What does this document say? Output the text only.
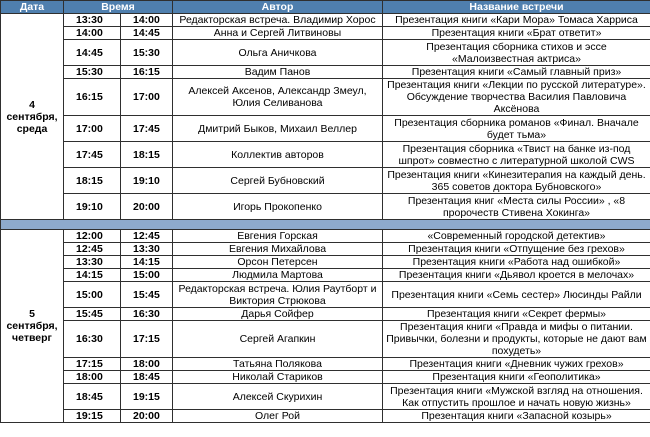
Дата	Время		Автор	Название встречи
4 сентября, среда	13:30	14:00	Редакторская встреча. Владимир Хорос	Презентация книги «Кари Мора» Томаса Харриса
	14:00	14:45	Анна и Сергей Литвиновы	Презентация книги «Брат ответит»
	14:45	15:30	Ольга Аничкова	Презентация сборника стихов и эссе «Малоизвестная актриса»
	15:30	16:15	Вадим Панов	Презентация книги «Самый главный приз»
	16:15	17:00	Алексей Аксенов, Александр Змеул, Юлия Селиванова	Презентация книги «Лекции по русской литературе». Обсуждение творчества Василия Павловича Аксёнова
	17:00	17:45	Дмитрий Быков, Михаил Веллер	Презентация сборника романов «Финал. Вначале будет тьма»
	17:45	18:15	Коллектив авторов	Презентация сборника «Твист на банке из-под шпрот» совместно с литературной школой CWS
	18:15	19:10	Сергей Бубновский	Презентация книги «Кинезитерапия на каждый день. 365 советов доктора Бубновского»
	19:10	20:00	Игорь Прокопенко	Презентация книг «Места силы России» , «8 пророчеств Стивена Хокинга»

5 сентября, четверг	12:00	12:45	Евгения Горская	«Современный городской детектив»
	12:45	13:30	Евгения Михайлова	Презентация книги «Отпущение без грехов»
	13:30	14:15	Орсон Петерсен	Презентация книги «Работа над ошибкой»
	14:15	15:00	Людмила Мартова	Презентация книги «Дьявол кроется в мелочах»
	15:00	15:45	Редакторская встреча. Юлия Раутборт и Виктория Стрюкова	Презентация книги «Семь сестер» Люсинды Райли
	15:45	16:30	Дарья Сойфер	Презентация книги «Секрет фермы»
	16:30	17:15	Сергей Агапкин	Презентация книги «Правда и мифы о питании. Привычки, болезни и продукты, которые не дают вам похудеть»
	17:15	18:00	Татьяна Полякова	Презентация книги «Дневник чужих грехов»
	18:00	18:45	Николай Стариков	Презентация книги «Геополитика»
	18:45	19:15	Алексей Скурихин	Презентация книги «Мужской взгляд на отношения. Как отпустить прошлое и начать новую жизнь»
	19:15	20:00	Олег Рой	Презентация книги «Запасной козырь»
